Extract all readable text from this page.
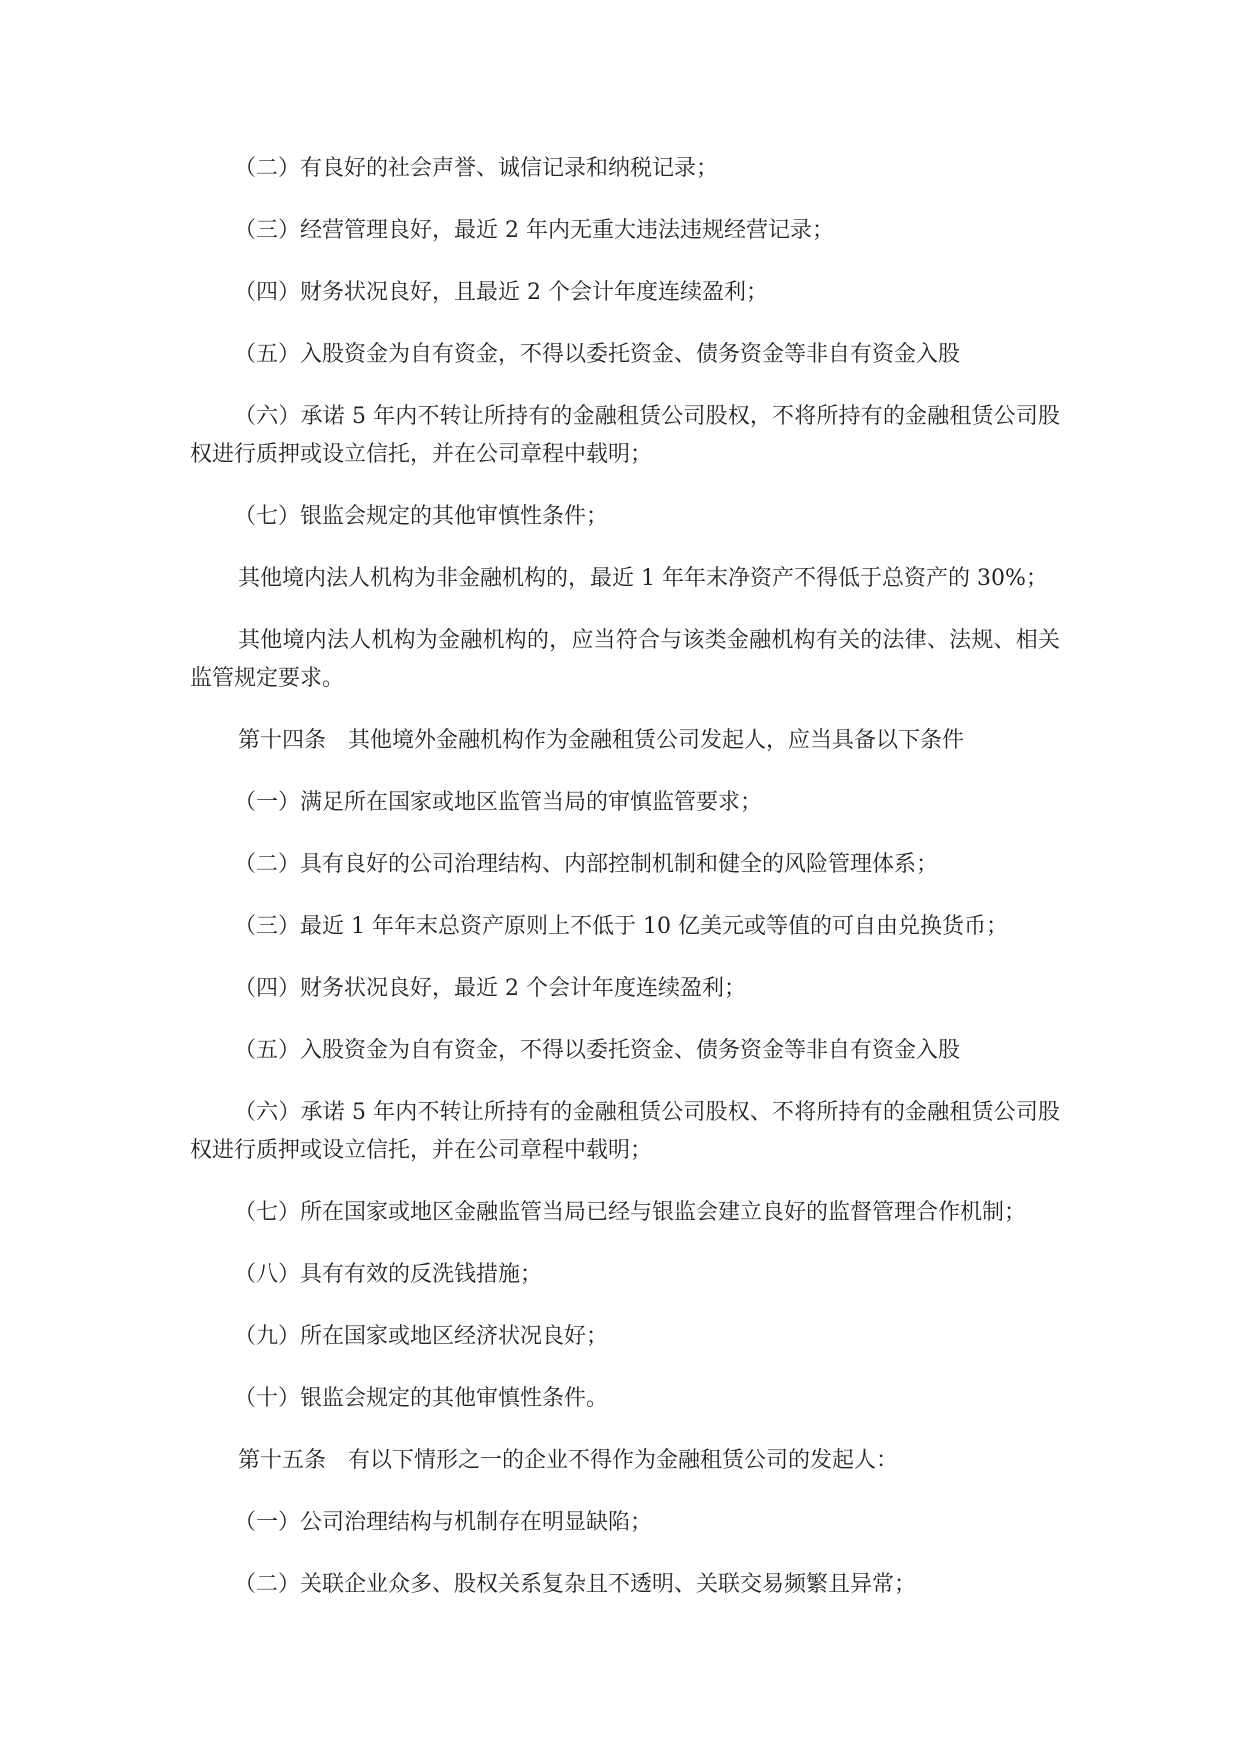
（二）有良好的社会声誉、诚信记录和纳税记录；

（三）经营管理良好，最近 2 年内无重大违法违规经营记录；

（四）财务状况良好，且最近 2 个会计年度连续盈利；

（五）入股资金为自有资金，不得以委托资金、债务资金等非自有资金入股

（六）承诺 5 年内不转让所持有的金融租赁公司股权，不将所持有的金融租赁公司股权进行质押或设立信托，并在公司章程中载明；

（七）银监会规定的其他审慎性条件；

其他境内法人机构为非金融机构的，最近 1 年年末净资产不得低于总资产的 30%；

其他境内法人机构为金融机构的，应当符合与该类金融机构有关的法律、法规、相关监管规定要求。

第十四条　其他境外金融机构作为金融租赁公司发起人，应当具备以下条件

（一）满足所在国家或地区监管当局的审慎监管要求；

（二）具有良好的公司治理结构、内部控制机制和健全的风险管理体系；

（三）最近 1 年年末总资产原则上不低于 10 亿美元或等值的可自由兑换货币；

（四）财务状况良好，最近 2 个会计年度连续盈利；

（五）入股资金为自有资金，不得以委托资金、债务资金等非自有资金入股

（六）承诺 5 年内不转让所持有的金融租赁公司股权、不将所持有的金融租赁公司股权进行质押或设立信托，并在公司章程中载明；

（七）所在国家或地区金融监管当局已经与银监会建立良好的监督管理合作机制；

（八）具有有效的反洗钱措施；

（九）所在国家或地区经济状况良好；

（十）银监会规定的其他审慎性条件。

第十五条　有以下情形之一的企业不得作为金融租赁公司的发起人：

（一）公司治理结构与机制存在明显缺陷；

（二）关联企业众多、股权关系复杂且不透明、关联交易频繁且异常；
